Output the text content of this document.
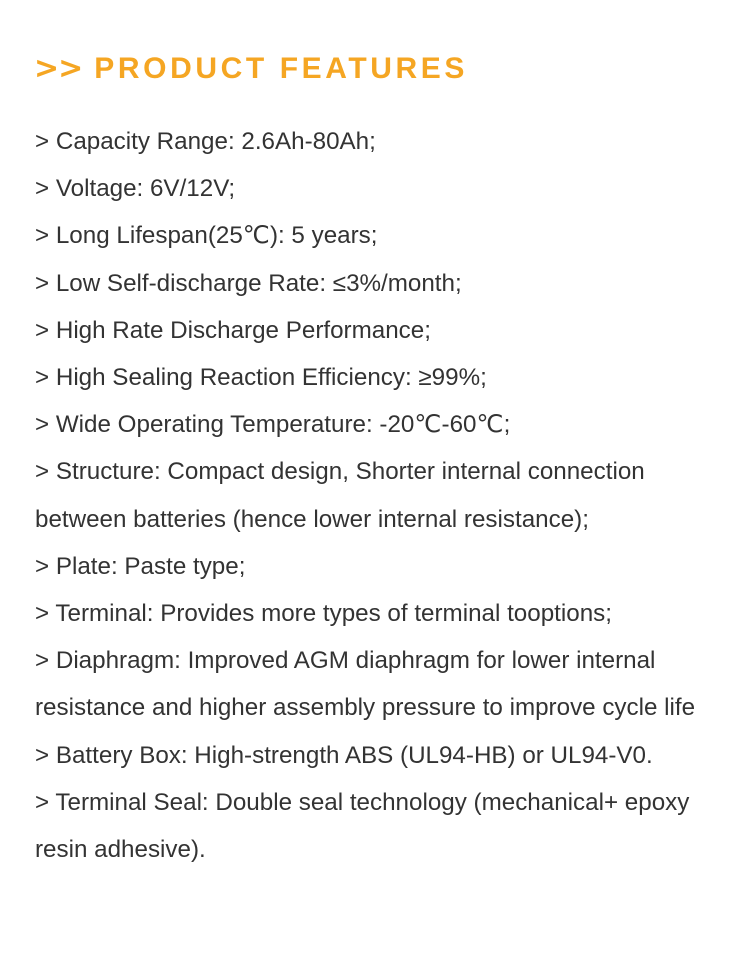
>> PRODUCT FEATURES

> Capacity Range: 2.6Ah-80Ah;

> Voltage: 6V/12V;

> Long Lifespan(25℃): 5 years;

> Low Self-discharge Rate: ≤3%/month;

> High Rate Discharge Performance;

> High Sealing Reaction Efficiency: ≥99%;

> Wide Operating Temperature: -20℃-60℃;

> Structure: Compact design, Shorter internal connection between batteries (hence lower internal resistance);

> Plate: Paste type;

> Terminal: Provides more types of terminal tooptions;

> Diaphragm: Improved AGM diaphragm for lower internal resistance and higher assembly pressure to improve cycle life

> Battery Box: High-strength ABS (UL94-HB) or UL94-V0.

> Terminal Seal: Double seal technology (mechanical+ epoxy resin adhesive).
